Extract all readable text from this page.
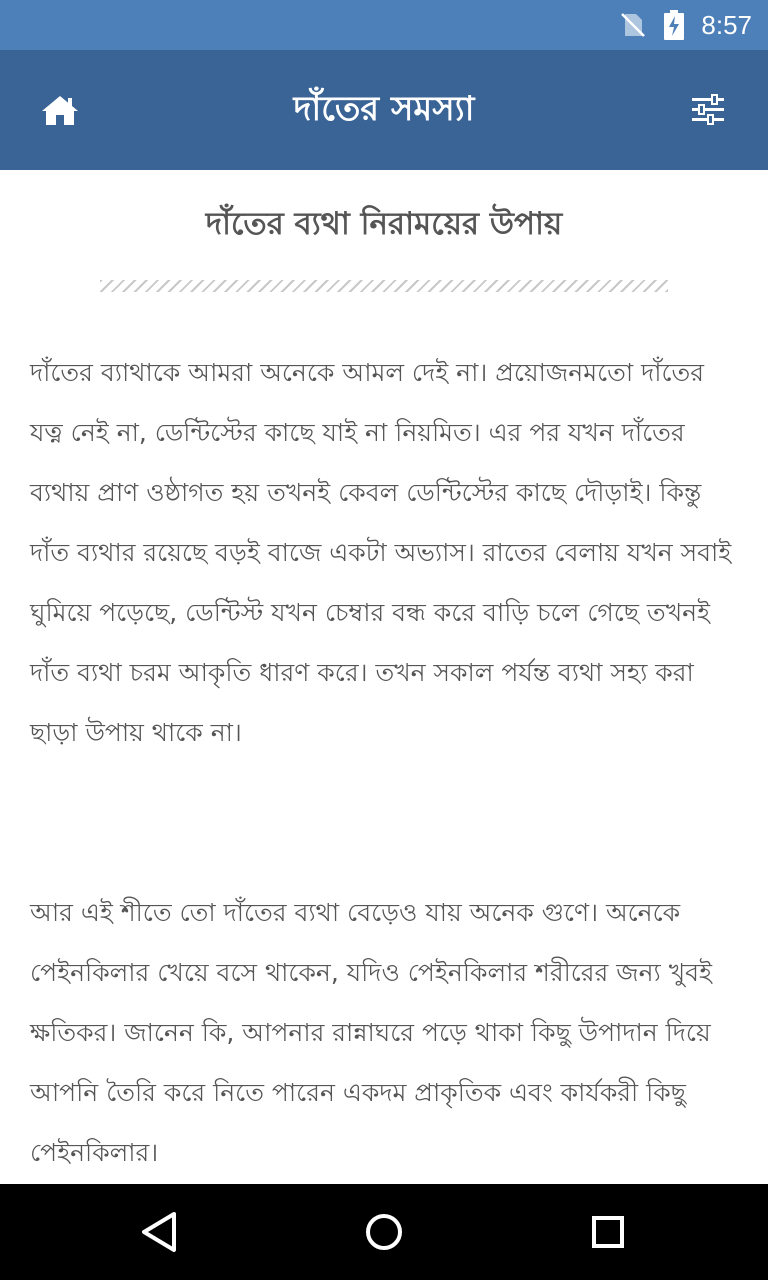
8:57
দাঁতের সমস্যা
দাঁতের ব্যথা নিরাময়ের উপায়

দাঁতের ব্যাথাকে আমরা অনেকে আমল দেই না। প্রয়োজনমতো দাঁতের যত্ন নেই না, ডেন্টিস্টের কাছে যাই না নিয়মিত। এর পর যখন দাঁতের ব্যথায় প্রাণ ওষ্ঠাগত হয় তখনই কেবল ডেন্টিস্টের কাছে দৌড়াই। কিন্তু দাঁত ব্যথার রয়েছে বড়ই বাজে একটা অভ্যাস। রাতের বেলায় যখন সবাই ঘুমিয়ে পড়েছে, ডেন্টিস্ট যখন চেম্বার বন্ধ করে বাড়ি চলে গেছে তখনই দাঁত ব্যথা চরম আকৃতি ধারণ করে। তখন সকাল পর্যন্ত ব্যথা সহ্য করা ছাড়া উপায় থাকে না।

আর এই শীতে তো দাঁতের ব্যথা বেড়েও যায় অনেক গুণে। অনেকে পেইনকিলার খেয়ে বসে থাকেন, যদিও পেইনকিলার শরীরের জন্য খুবই ক্ষতিকর। জানেন কি, আপনার রান্নাঘরে পড়ে থাকা কিছু উপাদান দিয়ে আপনি তৈরি করে নিতে পারেন একদম প্রাকৃতিক এবং কার্যকরী কিছু পেইনকিলার।
